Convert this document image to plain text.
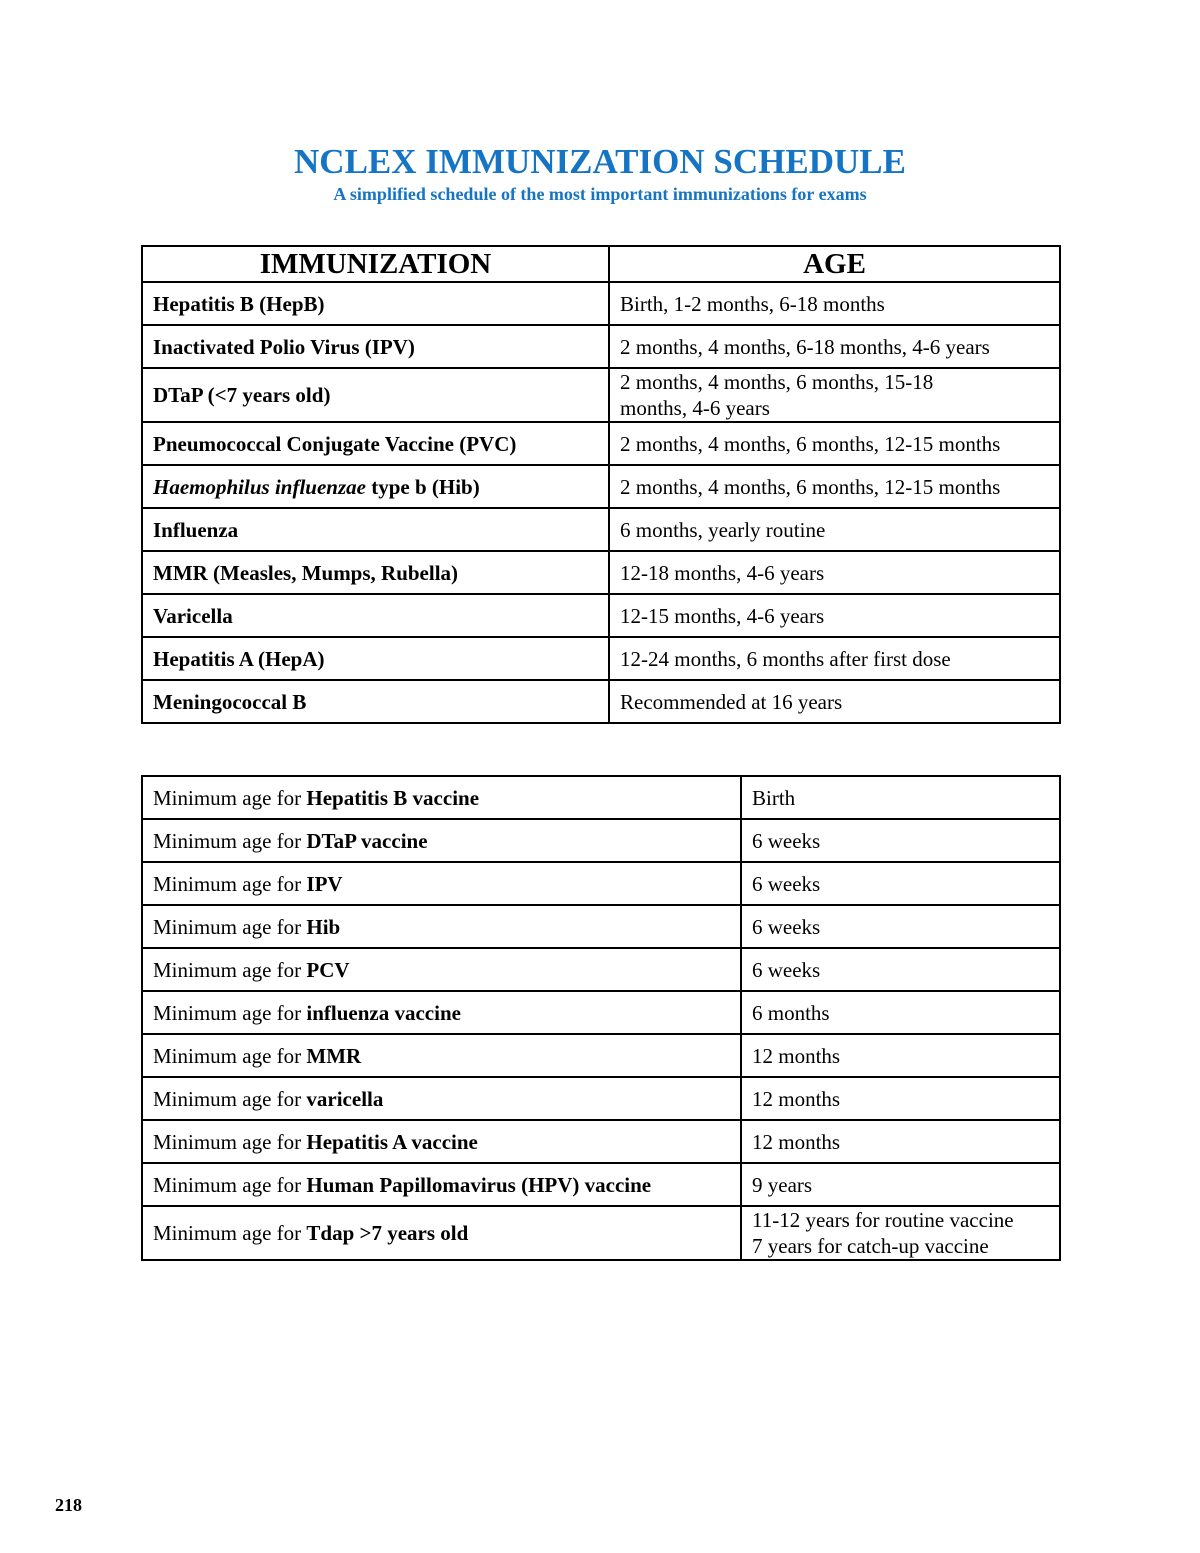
NCLEX IMMUNIZATION SCHEDULE

A simplified schedule of the most important immunizations for exams

IMMUNIZATION	AGE
Hepatitis B (HepB)	Birth, 1-2 months, 6-18 months
Inactivated Polio Virus (IPV)	2 months, 4 months, 6-18 months, 4-6 years
DTaP (<7 years old)	2 months, 4 months, 6 months, 15-18
months, 4-6 years

Pneumococcal Conjugate Vaccine (PVC)	2 months, 4 months, 6 months, 12-15 months
Haemophilus influenzae type b (Hib)	2 months, 4 months, 6 months, 12-15 months
Influenza	6 months, yearly routine
MMR (Measles, Mumps, Rubella)	12-18 months, 4-6 years
Varicella	12-15 months, 4-6 years
Hepatitis A (HepA)	12-24 months, 6 months after first dose
Meningococcal B	Recommended at 16 years
Minimum age for Hepatitis B vaccine	Birth
Minimum age for DTaP vaccine	6 weeks
Minimum age for IPV	6 weeks
Minimum age for Hib	6 weeks
Minimum age for PCV	6 weeks
Minimum age for influenza vaccine	6 months
Minimum age for MMR	12 months
Minimum age for varicella	12 months
Minimum age for Hepatitis A vaccine	12 months
Minimum age for Human Papillomavirus (HPV) vaccine	9 years
Minimum age for Tdap >7 years old	11-12 years for routine vaccine
7 years for catch-up vaccine

218
